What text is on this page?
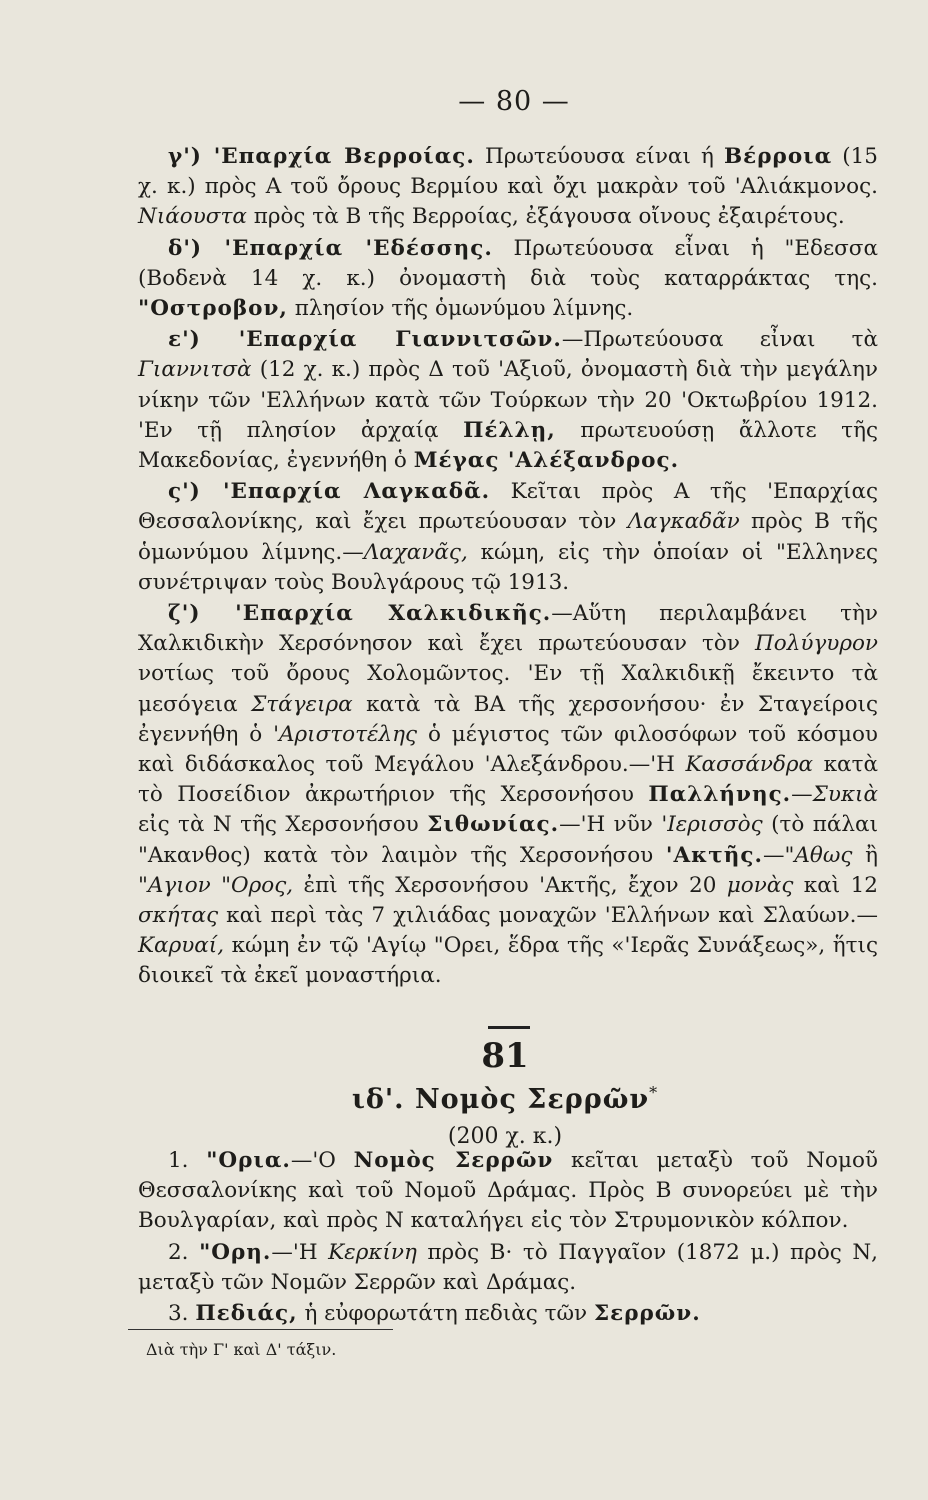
— 80 —

γ') 'Επαρχία Βερροίας. Πρωτεύουσα είναι ή Βέρροια (15 χ. κ.) πρὸς Α τοῦ ὄρους Βερμίου καὶ ὄχι μακρὰν τοῦ 'Αλιάκμονος. Νιάουστα πρὸς τὰ Β τῆς Βερροίας, ἐξάγουσα οἴνους ἐξαιρέτους.

δ') 'Επαρχία 'Εδέσσης. Πρωτεύουσα εἶναι ἡ "Εδεσσα (Βοδενὰ 14 χ. κ.) ὀνομαστὴ διὰ τοὺς καταρράκτας της. "Οστροβον, πλησίον τῆς ὁμωνύμου λίμνης.

ε') 'Επαρχία Γιαννιτσῶν.—Πρωτεύουσα εἶναι τὰ Γιαννιτσὰ (12 χ. κ.) πρὸς Δ τοῦ 'Αξιοῦ, ὀνομαστὴ διὰ τὴν μεγάλην νίκην τῶν 'Ελλήνων κατὰ τῶν Τούρκων τὴν 20 'Οκτωβρίου 1912. 'Εν τῇ πλησίον ἀρχαίᾳ Πέλλῃ, πρωτευούσῃ ἄλλοτε τῆς Μακεδονίας, ἐγεννήθη ὁ Μέγας 'Αλέξανδρος.

ς') 'Επαρχία Λαγκαδᾶ. Κεῖται πρὸς Α τῆς 'Επαρχίας Θεσσαλονίκης, καὶ ἔχει πρωτεύουσαν τὸν Λαγκαδᾶν πρὸς Β τῆς ὁμωνύμου λίμνης.—Λαχανᾶς, κώμη, εἰς τὴν ὁποίαν οἱ "Ελληνες συνέτριψαν τοὺς Βουλγάρους τῷ 1913.

ζ') 'Επαρχία Χαλκιδικῆς.—Αὕτη περιλαμβάνει τὴν Χαλκιδικὴν Χερσόνησον καὶ ἔχει πρωτεύουσαν τὸν Πολύγυρον νοτίως τοῦ ὄρους Χολομῶντος. 'Εν τῇ Χαλκιδικῇ ἔκειντο τὰ μεσόγεια Στάγειρα κατὰ τὰ ΒΑ τῆς χερσονήσου· ἐν Σταγείροις ἐγεννήθη ὁ 'Αριστοτέλης ὁ μέγιστος τῶν φιλοσόφων τοῦ κόσμου καὶ διδάσκαλος τοῦ Μεγάλου 'Αλεξάνδρου.—'Η Κασσάνδρα κατὰ τὸ Ποσείδιον ἀκρωτήριον τῆς Χερσονήσου Παλλήνης.—Συκιὰ εἰς τὰ Ν τῆς Χερσονήσου Σιθωνίας.—'Η νῦν 'Ιερισσὸς (τὸ πάλαι "Ακανθος) κατὰ τὸν λαιμὸν τῆς Χερσονήσου 'Ακτῆς.—"Αθως ἢ "Αγιον "Ορος, ἐπὶ τῆς Χερσονήσου 'Ακτῆς, ἔχον 20 μονὰς καὶ 12 σκήτας καὶ περὶ τὰς 7 χιλιάδας μοναχῶν 'Ελλήνων καὶ Σλαύων.—Καρυαί, κώμη ἐν τῷ 'Αγίῳ "Ορει, ἕδρα τῆς «'Ιερᾶς Συνάξεως», ἥτις διοικεῖ τὰ ἐκεῖ μοναστήρια.

81
ιδ'. Νομὸς Σερρῶν*
(200 χ. κ.)

1. "Ορια.—'Ο Νομὸς Σερρῶν κεῖται μεταξὺ τοῦ Νομοῦ Θεσσαλονίκης καὶ τοῦ Νομοῦ Δράμας. Πρὸς Β συνορεύει μὲ τὴν Βουλγαρίαν, καὶ πρὸς Ν καταλήγει εἰς τὸν Στρυμονικὸν κόλπον.

2. "Ορη.—'Η Κερκίνη πρὸς Β· τὸ Παγγαῖον (1872 μ.) πρὸς Ν, μεταξὺ τῶν Νομῶν Σερρῶν καὶ Δράμας.

3. Πεδιάς, ἡ εὐφορωτάτη πεδιὰς τῶν Σερρῶν.

Διὰ τὴν Γ' καὶ Δ' τάξιν.
